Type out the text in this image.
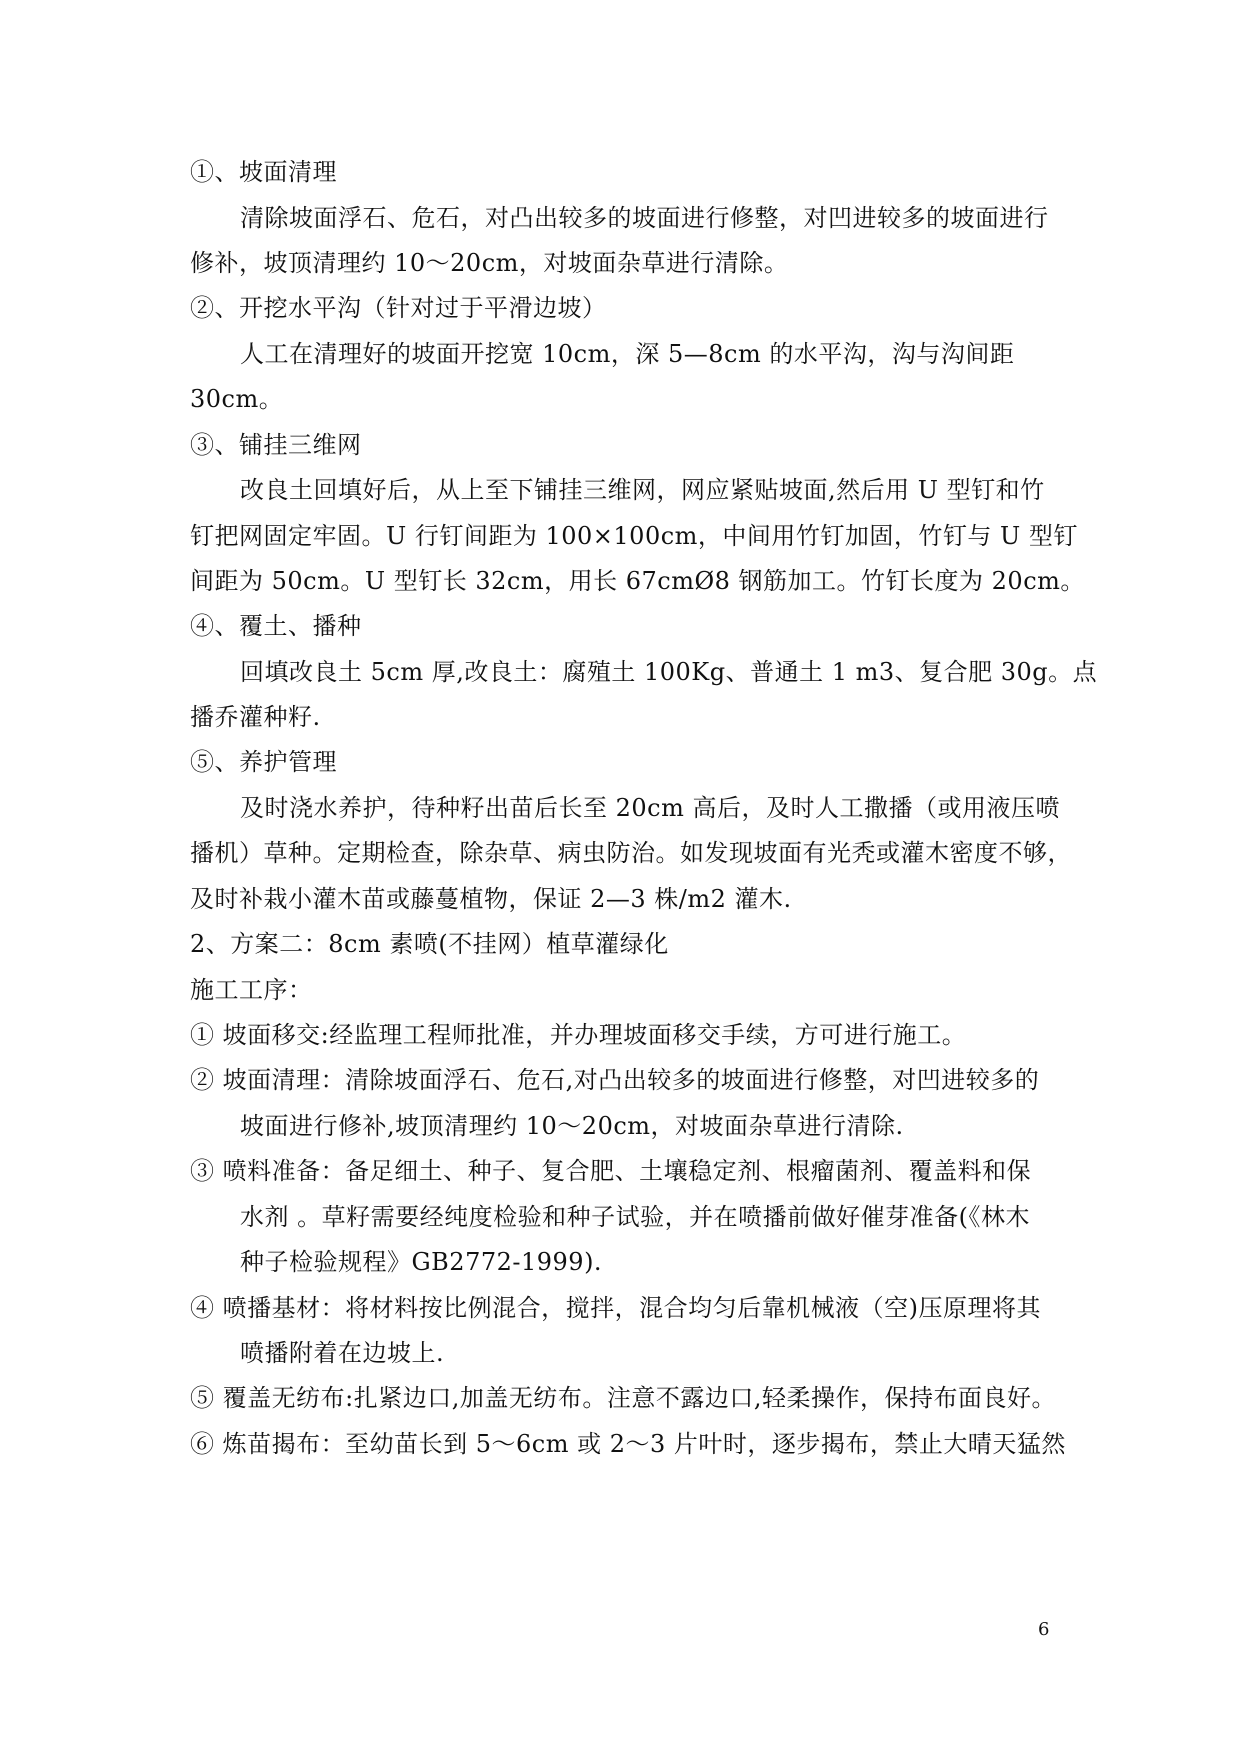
①、坡面清理
清除坡面浮石、危石，对凸出较多的坡面进行修整，对凹进较多的坡面进行
修补，坡顶清理约 10～20cm，对坡面杂草进行清除。
②、开挖水平沟（针对过于平滑边坡）
人工在清理好的坡面开挖宽 10cm，深 5—8cm 的水平沟，沟与沟间距
30cm。
③、铺挂三维网
改良土回填好后，从上至下铺挂三维网，网应紧贴坡面,然后用 U 型钉和竹
钉把网固定牢固。U 行钉间距为 100×100cm，中间用竹钉加固，竹钉与 U 型钉
间距为 50cm。U 型钉长 32cm，用长 67cmØ8 钢筋加工。竹钉长度为 20cm。
④、覆土、播种
回填改良土 5cm 厚,改良土：腐殖土 100Kg、普通土 1 m3、复合肥 30g。点
播乔灌种籽.
⑤、养护管理
及时浇水养护，待种籽出苗后长至 20cm 高后，及时人工撒播（或用液压喷
播机）草种。定期检查，除杂草、病虫防治。如发现坡面有光秃或灌木密度不够，
及时补栽小灌木苗或藤蔓植物，保证 2—3 株/m2 灌木.
2、方案二：8cm 素喷(不挂网）植草灌绿化
施工工序：
① 坡面移交:经监理工程师批准，并办理坡面移交手续，方可进行施工。
② 坡面清理：清除坡面浮石、危石,对凸出较多的坡面进行修整，对凹进较多的
坡面进行修补,坡顶清理约 10～20cm，对坡面杂草进行清除.
③ 喷料准备：备足细土、种子、复合肥、土壤稳定剂、根瘤菌剂、覆盖料和保
水剂 。草籽需要经纯度检验和种子试验，并在喷播前做好催芽准备(《林木
种子检验规程》GB2772-1999).
④ 喷播基材：将材料按比例混合，搅拌，混合均匀后靠机械液（空)压原理将其
喷播附着在边坡上.
⑤ 覆盖无纺布:扎紧边口,加盖无纺布。注意不露边口,轻柔操作，保持布面良好。
⑥ 炼苗揭布：至幼苗长到 5～6cm 或 2～3 片叶时，逐步揭布，禁止大晴天猛然
6
